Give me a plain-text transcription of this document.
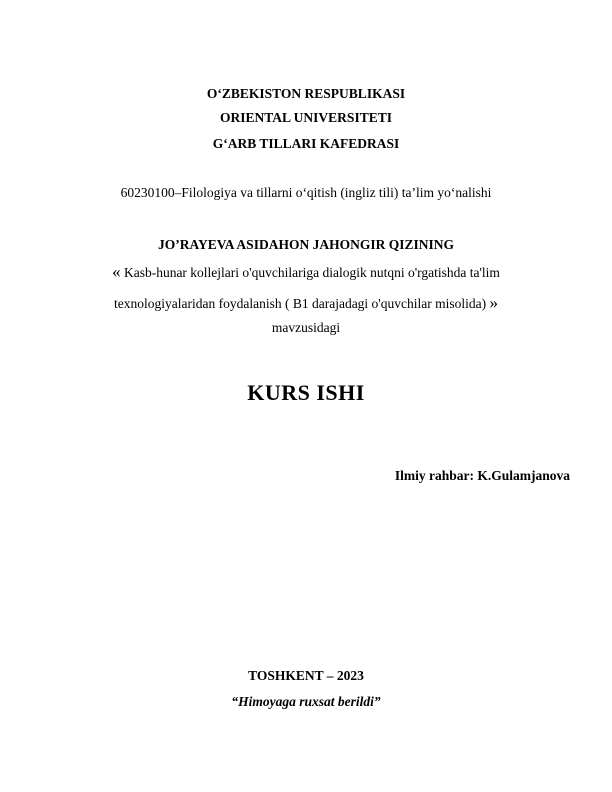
O‘ZBEKISTON RESPUBLIKASI
ORIENTAL UNIVERSITETI
G‘ARB TILLARI KAFEDRASI
60230100–Filologiya va tillarni o‘qitish (ingliz tili) ta’lim yo‘nalishi
JO’RAYEVA ASIDAHON JAHONGIR QIZINING
« Kasb-hunar kollejlari o'quvchilariga dialogik nutqni o'rgatishda ta'lim
texnologiyalaridan foydalanish ( B1 darajadagi o'quvchilar misolida) »
mavzusidagi
KURS ISHI
Ilmiy rahbar: K.Gulamjanova
TOSHKENT – 2023
“Himoyaga ruxsat berildi”
